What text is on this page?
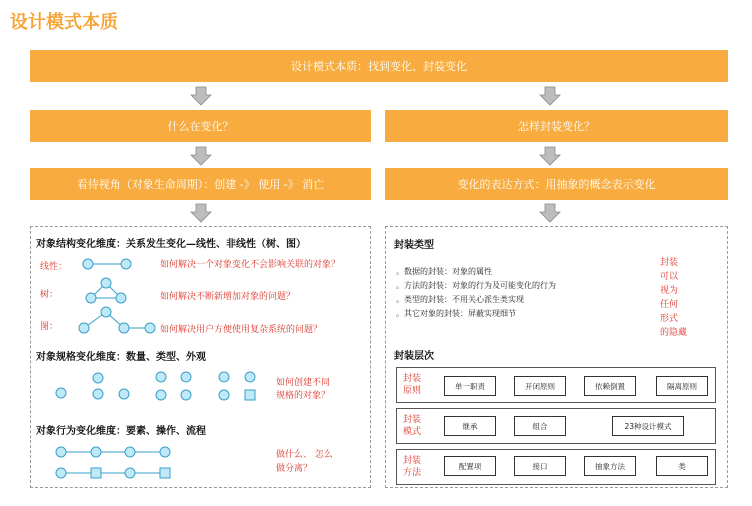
设计模式本质
设计模式本质：找到变化、封装变化
什么在变化？	怎样封装变化？
看待视角（对象生命周期）：创建 -》 使用 -》 消亡	变化的表达方式：用抽象的概念表示变化
对象结构变化维度：关系发生变化—线性、非线性（树、图）
线性：	如何解决一个对象变化不会影响关联的对象？
树：	如何解决不断新增加对象的问题？
图：	如何解决用户方便使用复杂系统的问题？
对象规格变化维度：数量、类型、外观
如何创建不同
规格的对象？
对象行为变化维度：要素、操作、流程
做什么、 怎么
做分离？
封装类型
。数据的封装：对象的属性
。方法的封装：对象的行为及可能变化的行为
。类型的封装：不用关心派生类实现
。其它对象的封装：屏蔽实现细节
封装
可以
视为
任何
形式
的隐藏
封装层次
封装
原则	单一职责	开闭原则	依赖倒置	隔离原则
封装
模式
继承	组合	23种设计模式
封装
方法
配置项	接口	抽象方法	类
